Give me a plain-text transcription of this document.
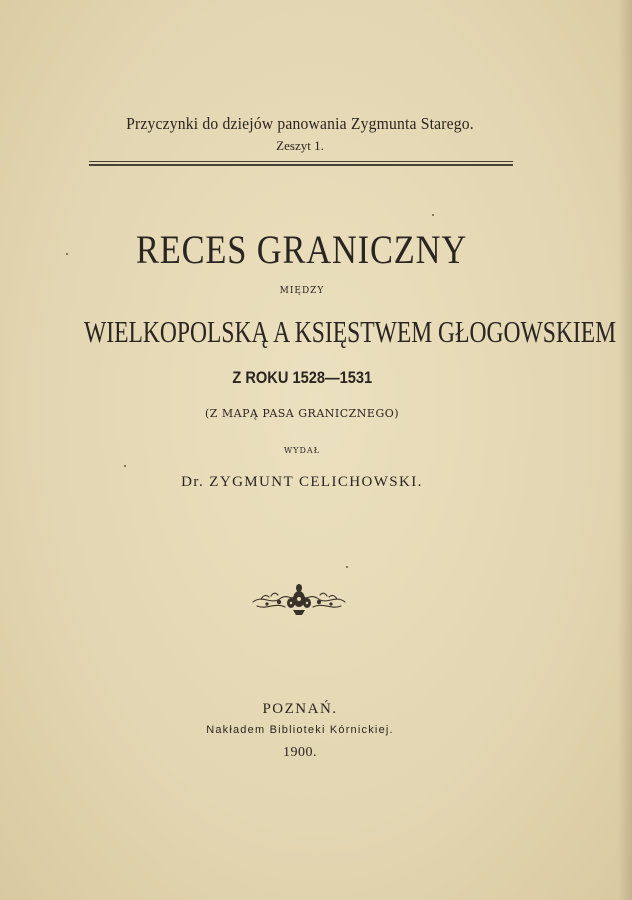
Przyczynki do dziejów panowania Zygmunta Starego.
Zeszyt 1.
RECES GRANICZNY
MIĘDZY
WIELKOPOLSKĄ A KSIĘSTWEM GŁOGOWSKIEM
Z ROKU 1528—1531
(Z MAPĄ PASA GRANICZNEGO)
WYDAŁ
Dr. ZYGMUNT CELICHOWSKI.
POZNAŃ.
Nakładem Biblioteki Kórnickiej.
1900.
